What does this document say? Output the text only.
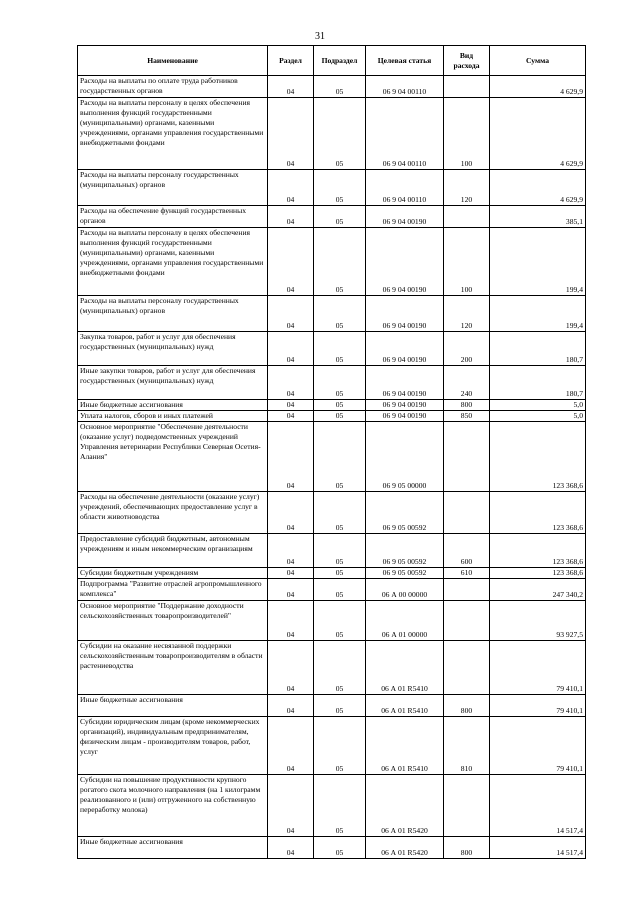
31
Наименование	Раздел	Подраздел	Целевая статья	Вид расхода	Сумма
Расходы на выплаты по оплате труда работников государственных органов	04	05	06 9 04 00110		4 629,9
Расходы на выплаты персоналу в целях обеспечения выполнения функций государственными (муниципальными) органами, казенными учреждениями, органами управления государственными внебюджетными фондами	04	05	06 9 04 00110	100	4 629,9
Расходы на выплаты персоналу государственных (муниципальных) органов	04	05	06 9 04 00110	120	4 629,9
Расходы на обеспечение функций государственных органов	04	05	06 9 04 00190		385,1
Расходы на выплаты персоналу в целях обеспечения выполнения функций государственными (муниципальными) органами, казенными учреждениями, органами управления государственными внебюджетными фондами	04	05	06 9 04 00190	100	199,4
Расходы на выплаты персоналу государственных (муниципальных) органов	04	05	06 9 04 00190	120	199,4
Закупка товаров, работ и услуг для обеспечения государственных (муниципальных) нужд	04	05	06 9 04 00190	200	180,7
Иные закупки товаров, работ и услуг для обеспечения государственных (муниципальных) нужд	04	05	06 9 04 00190	240	180,7
Иные бюджетные ассигнования	04	05	06 9 04 00190	800	5,0
Уплата налогов, сборов и иных платежей	04	05	06 9 04 00190	850	5,0
Основное мероприятие "Обеспечение деятельности (оказание услуг) подведомственных учреждений Управления ветеринарии Республики Северная Осетия-Алания"	04	05	06 9 05 00000		123 368,6
Расходы на обеспечение деятельности (оказание услуг) учреждений, обеспечивающих предоставление услуг в области животноводства	04	05	06 9 05 00592		123 368,6
Предоставление субсидий бюджетным, автономным учреждениям и иным некоммерческим организациям	04	05	06 9 05 00592	600	123 368,6
Субсидии бюджетным учреждениям	04	05	06 9 05 00592	610	123 368,6
Подпрограмма "Развитие отраслей агропромышленного комплекса"	04	05	06 А 00 00000		247 340,2
Основное мероприятие "Поддержание доходности сельскохозяйственных товаропроизводителей"	04	05	06 А 01 00000		93 927,5
Субсидии на оказание несвязанной поддержки сельскохозяйственным товаропроизводителям в области растениеводства	04	05	06 А 01 R5410		79 410,1
Иные бюджетные ассигнования	04	05	06 А 01 R5410	800	79 410,1
Субсидии юридическим лицам (кроме некоммерческих организаций), индивидуальным предпринимателям, физическим лицам - производителям товаров, работ, услуг	04	05	06 А 01 R5410	810	79 410,1
Субсидии на повышение продуктивности крупного рогатого скота молочного направления (на 1 килограмм реализованного и (или) отгруженного на собственную переработку молока)	04	05	06 А 01 R5420		14 517,4
Иные бюджетные ассигнования	04	05	06 А 01 R5420	800	14 517,4
